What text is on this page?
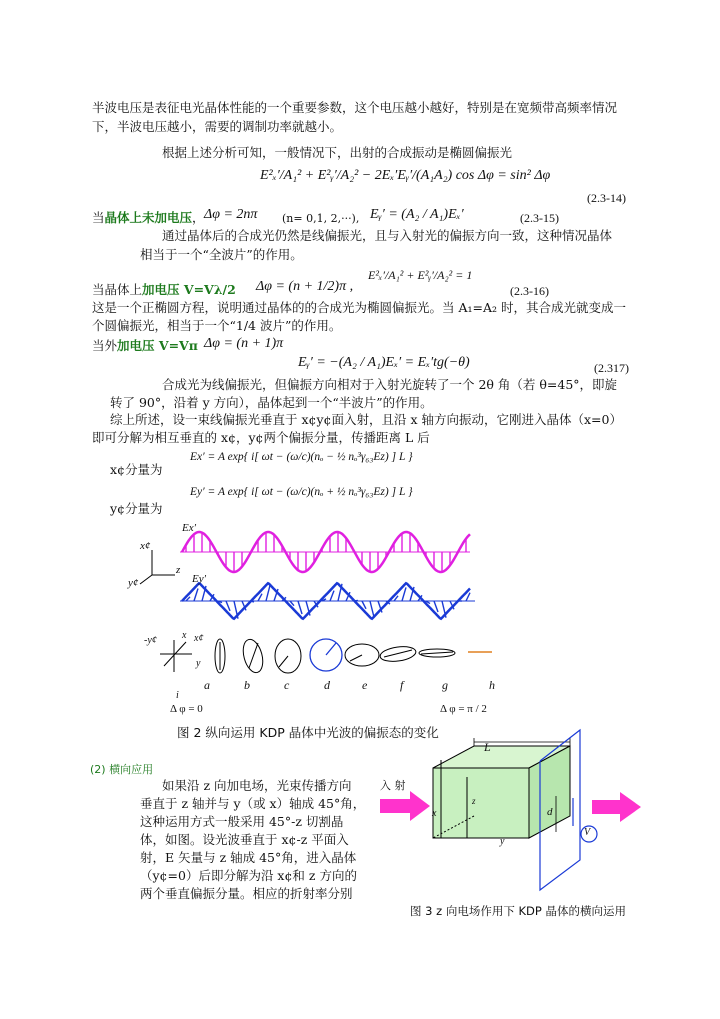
半波电压是表征电光晶体性能的一个重要参数，这个电压越小越好，特别是在宽频带高频率情况
下，半波电压越小，需要的调制功率就越小。
根据上述分析可知，一般情况下，出射的合成振动是椭圆偏振光
E²ₓ′/A₁² + E²ᵧ′/A₂² − 2Eₓ′Eᵧ′/(A₁A₂) cos Δφ = sin² Δφ
(2.3-14)
当晶体上未加电压， Δφ = 2nπ (n= 0,1, 2,···), Eᵧ′ = (A₂ / A₁)Eₓ′	(2.3-15)
通过晶体后的合成光仍然是线偏振光，且与入射光的偏振方向一致，这种情况晶体
相当于一个“全波片”的作用。
当晶体上加电压 V=Vλ/2 Δφ = (n + 1/2)π ,
E²ₓ′/A₁² + E²ᵧ′/A₂² = 1
(2.3-16)
这是一个正椭圆方程，说明通过晶体的的合成光为椭圆偏振光。当 A₁=A₂ 时，其合成光就变成一
个圆偏振光，相当于一个“1/4 波片”的作用。
当外加电压 V=Vπ Δφ = (n + 1)π
Eᵧ′ = −(A₂ / A₁)Eₓ′ = Eₓ′tg(−θ)	(2.317)
合成光为线偏振光，但偏振方向相对于入射光旋转了一个 2θ 角（若 θ=45°，即旋
转了 90°，沿着 y 方向），晶体起到一个“半波片”的作用。
综上所述，设一束线偏振光垂直于 x¢y¢面入射，且沿 x 轴方向振动，它刚进入晶体（x=0）
即可分解为相互垂直的 x¢，y¢两个偏振分量，传播距离 L 后
x¢分量为
Ex′ = A exp{ i[ ωt − (ω/c)(nₒ − ½ nₒ³γ₆₃Ez) ] L }
y¢分量为
Ey′ = A exp{ i[ ωt − (ω/c)(nₒ + ½ nₒ³γ₆₃Ez) ] L }
Ex′
Ey′
x¢
z
y¢
-y¢	x x¢
y
a	b	c	d	e	f	g	h
i
Δ φ = 0	Δ φ = π / 2
图 2 纵向运用 KDP 晶体中光波的偏振态的变化
(2) 横向应用
如果沿 z 向加电场，光束传播方向
垂直于 z 轴并与 y（或 x）轴成 45°角，
这种运用方式一般采用 45°-z 切割晶
体，如图。设光波垂直于 x¢-z 平面入
射，E 矢量与 z 轴成 45°角，进入晶体
（y¢=0）后即分解为沿 x¢和 z 方向的
两个垂直偏振分量。相应的折射率分别
入 射
L
z
x
y
d
V
图 3 z 向电场作用下 KDP 晶体的横向运用
